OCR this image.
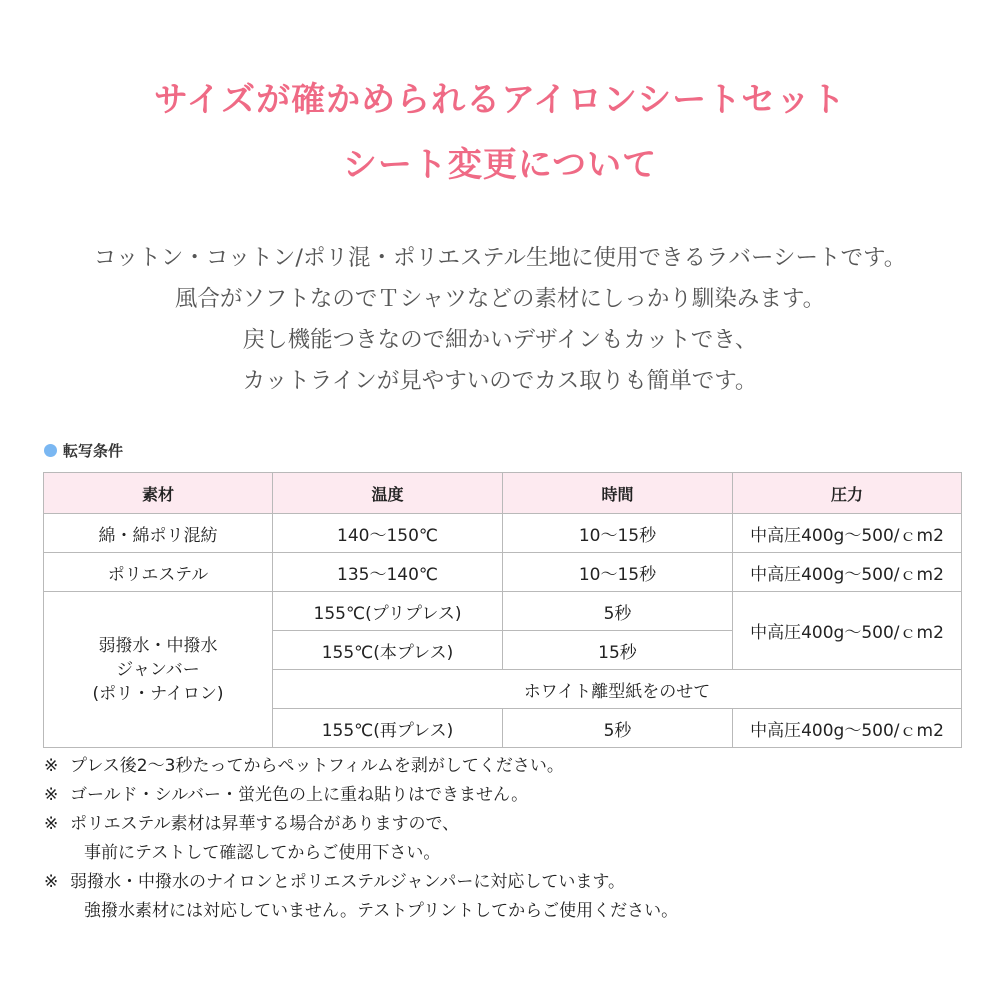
サイズが確かめられるアイロンシートセット
シート変更について

コットン・コットン/ポリ混・ポリエステル生地に使用できるラバーシートです。

風合がソフトなのでＴシャツなどの素材にしっかり馴染みます。

戻し機能つきなので細かいデザインもカットでき、

カットラインが見やすいのでカス取りも簡単です。

転写条件
素材	温度	時間	圧力
綿・綿ポリ混紡	140〜150℃	10〜15秒	中高圧400g〜500/ｃm2
ポリエステル	135〜140℃	10〜15秒	中高圧400g〜500/ｃm2

弱撥水・中撥水
ジャンバー
(ポリ・ナイロン)	155℃(プリプレス)	5秒	中高圧400g〜500/ｃm2
	155℃(本プレス)	15秒	
	ホワイト離型紙をのせて		
	155℃(再プレス)	5秒	中高圧400g〜500/ｃm2
※ プレス後2〜3秒たってからペットフィルムを剥がしてください。
※ ゴールド・シルバー・蛍光色の上に重ね貼りはできません。
※ ポリエステル素材は昇華する場合がありますので、
事前にテストして確認してからご使用下さい。
※ 弱撥水・中撥水のナイロンとポリエステルジャンパーに対応しています。
強撥水素材には対応していません。テストプリントしてからご使用ください。
